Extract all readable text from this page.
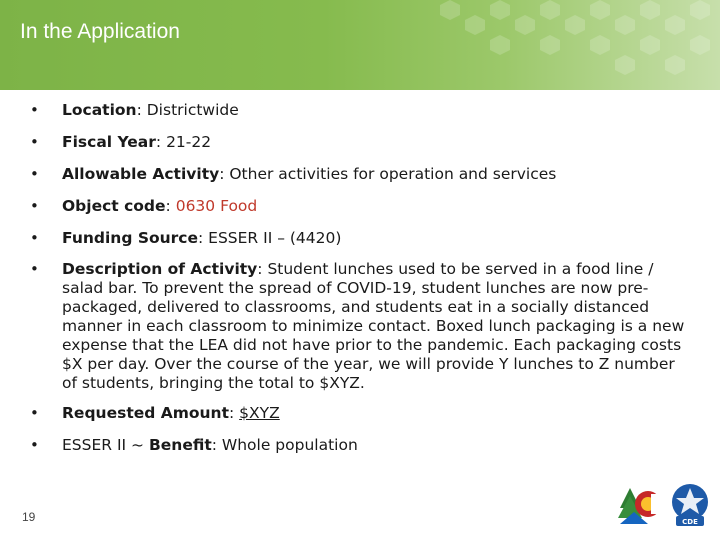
In the Application
• Location: Districtwide
• Fiscal Year: 21-22
• Allowable Activity: Other activities for operation and services
• Object code: 0630 Food
• Funding Source: ESSER II – (4420)
• Description of Activity: Student lunches used to be served in a food line / salad bar. To prevent the spread of COVID-19, student lunches are now pre-packaged, delivered to classrooms, and students eat in a socially distanced manner in each classroom to minimize contact. Boxed lunch packaging is a new expense that the LEA did not have prior to the pandemic. Each packaging costs $X per day. Over the course of the year, we will provide Y lunches to Z number of students, bringing the total to $XYZ.
• Requested Amount: $XYZ
• ESSER II ~ Benefit: Whole population
19	CDE
